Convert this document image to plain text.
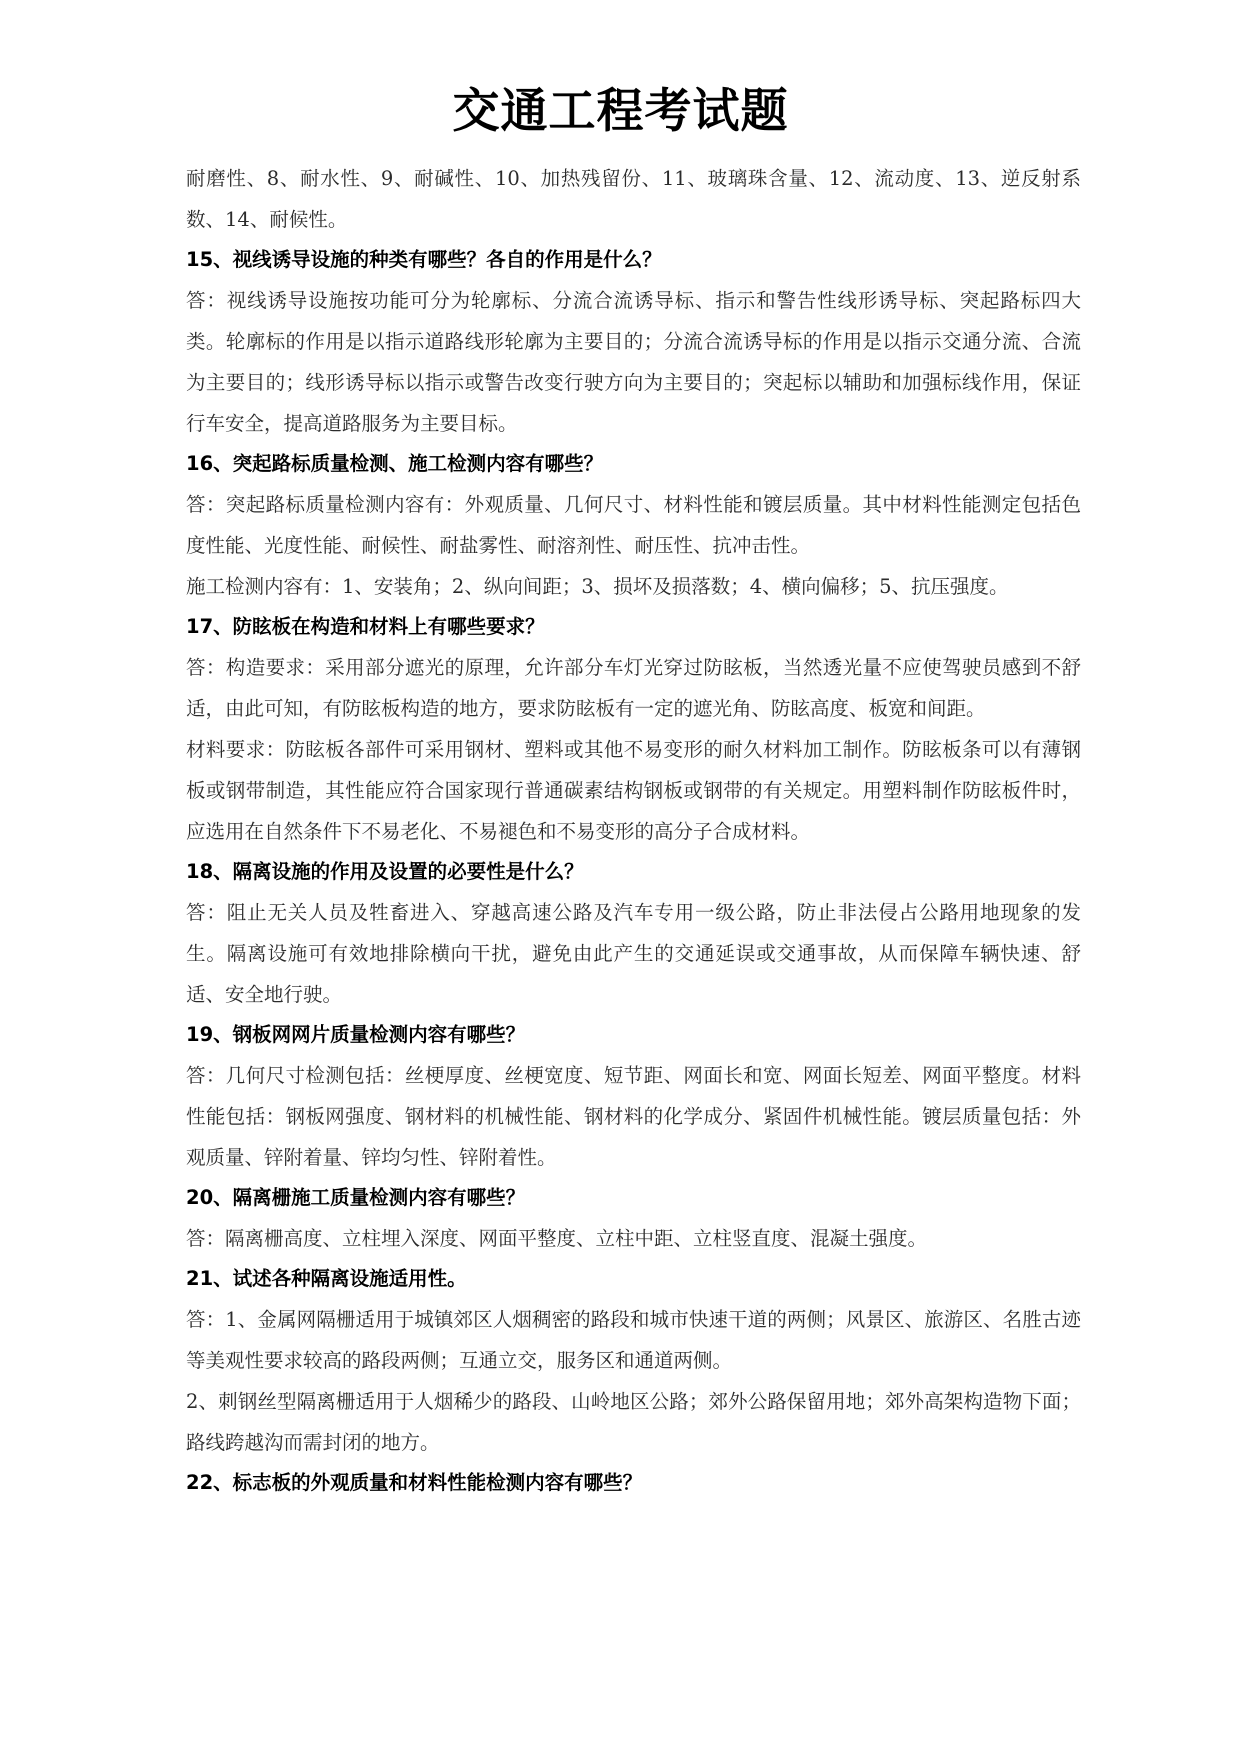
交通工程考试题
耐磨性、8、耐水性、9、耐碱性、10、加热残留份、11、玻璃珠含量、12、流动度、13、逆反射系数、14、耐候性。
15、视线诱导设施的种类有哪些？各自的作用是什么？
答：视线诱导设施按功能可分为轮廓标、分流合流诱导标、指示和警告性线形诱导标、突起路标四大类。轮廓标的作用是以指示道路线形轮廓为主要目的；分流合流诱导标的作用是以指示交通分流、合流为主要目的；线形诱导标以指示或警告改变行驶方向为主要目的；突起标以辅助和加强标线作用，保证行车安全，提高道路服务为主要目标。
16、突起路标质量检测、施工检测内容有哪些？
答：突起路标质量检测内容有：外观质量、几何尺寸、材料性能和镀层质量。其中材料性能测定包括色度性能、光度性能、耐候性、耐盐雾性、耐溶剂性、耐压性、抗冲击性。
施工检测内容有：1、安装角；2、纵向间距；3、损坏及损落数；4、横向偏移；5、抗压强度。
17、防眩板在构造和材料上有哪些要求？
答：构造要求：采用部分遮光的原理，允许部分车灯光穿过防眩板，当然透光量不应使驾驶员感到不舒适，由此可知，有防眩板构造的地方，要求防眩板有一定的遮光角、防眩高度、板宽和间距。
材料要求：防眩板各部件可采用钢材、塑料或其他不易变形的耐久材料加工制作。防眩板条可以有薄钢板或钢带制造，其性能应符合国家现行普通碳素结构钢板或钢带的有关规定。用塑料制作防眩板件时，应选用在自然条件下不易老化、不易褪色和不易变形的高分子合成材料。
18、隔离设施的作用及设置的必要性是什么？
答：阻止无关人员及牲畜进入、穿越高速公路及汽车专用一级公路，防止非法侵占公路用地现象的发生。隔离设施可有效地排除横向干扰，避免由此产生的交通延误或交通事故，从而保障车辆快速、舒适、安全地行驶。
19、钢板网网片质量检测内容有哪些？
答：几何尺寸检测包括：丝梗厚度、丝梗宽度、短节距、网面长和宽、网面长短差、网面平整度。材料性能包括：钢板网强度、钢材料的机械性能、钢材料的化学成分、紧固件机械性能。镀层质量包括：外观质量、锌附着量、锌均匀性、锌附着性。
20、隔离栅施工质量检测内容有哪些？
答：隔离栅高度、立柱埋入深度、网面平整度、立柱中距、立柱竖直度、混凝土强度。
21、试述各种隔离设施适用性。
答：1、金属网隔栅适用于城镇郊区人烟稠密的路段和城市快速干道的两侧；风景区、旅游区、名胜古迹等美观性要求较高的路段两侧；互通立交，服务区和通道两侧。
2、刺钢丝型隔离栅适用于人烟稀少的路段、山岭地区公路；郊外公路保留用地；郊外高架构造物下面；路线跨越沟而需封闭的地方。
22、标志板的外观质量和材料性能检测内容有哪些？
